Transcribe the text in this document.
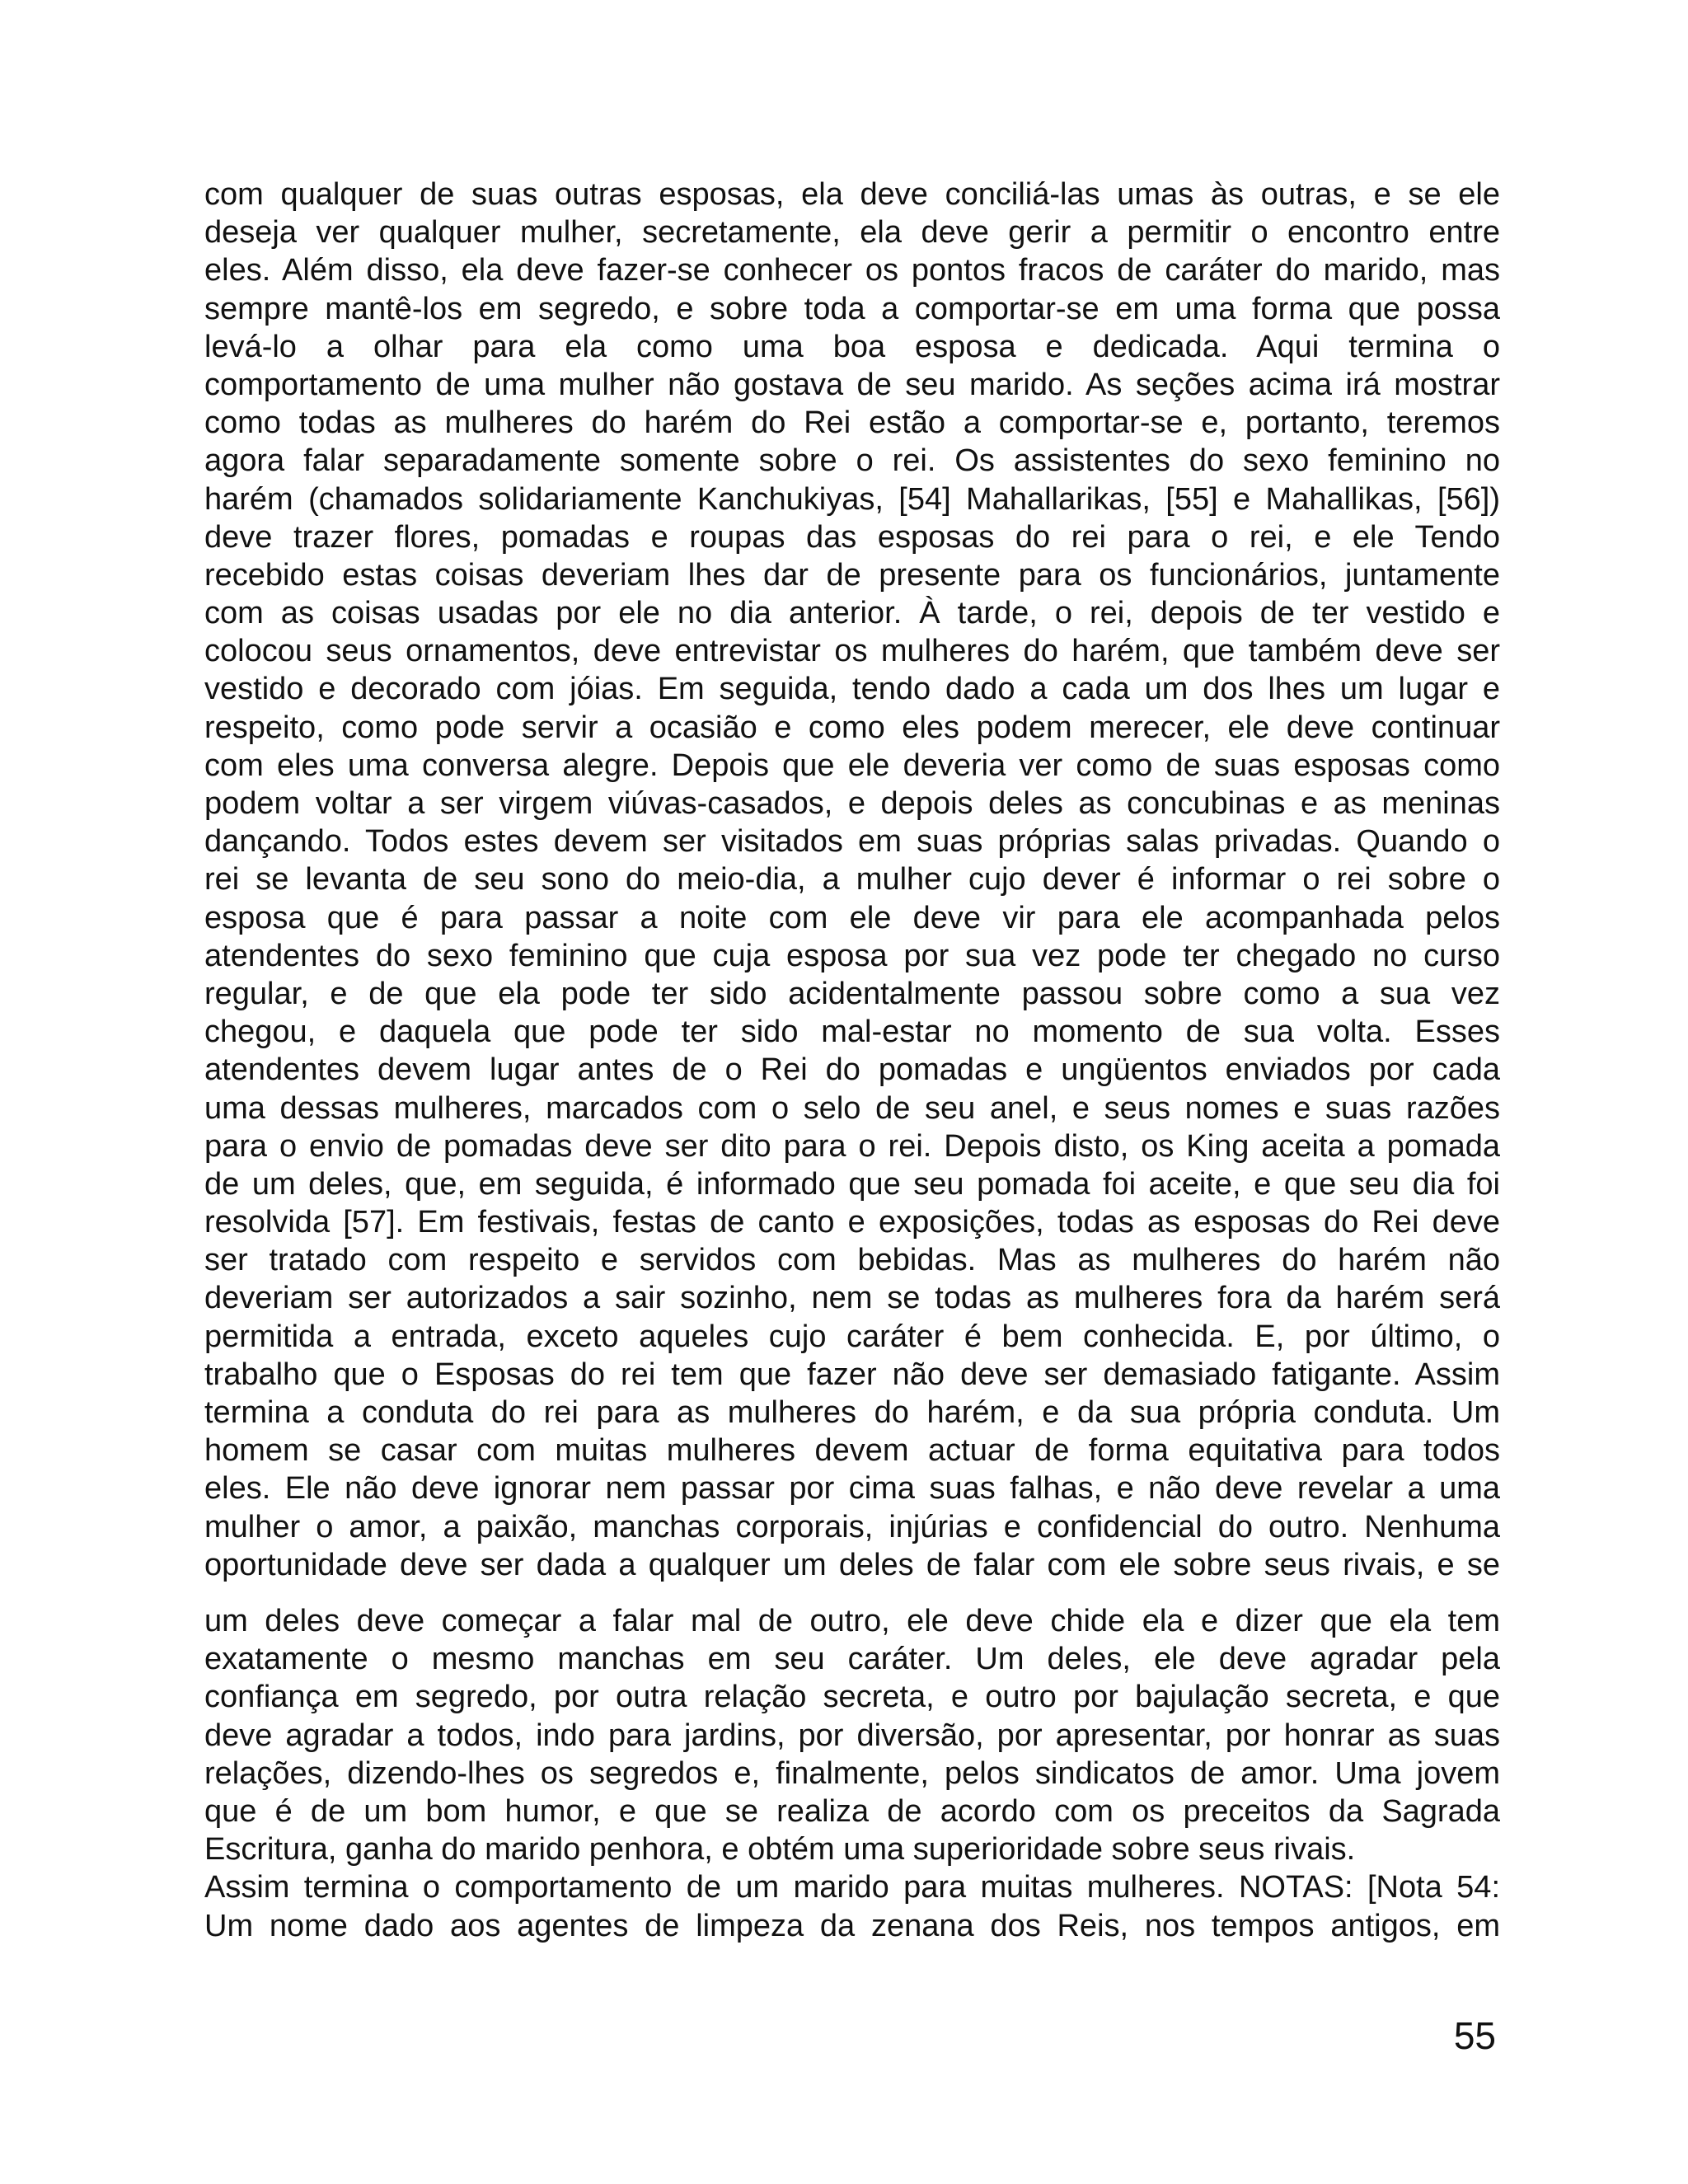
com qualquer de suas outras esposas, ela deve conciliá-las umas às outras, e se ele
deseja ver qualquer mulher, secretamente, ela deve gerir a permitir o encontro entre
eles. Além disso, ela deve fazer-se conhecer os pontos fracos de caráter do marido, mas
sempre mantê-los em segredo, e sobre toda a comportar-se em uma forma que possa
levá-lo a olhar para ela como uma boa esposa e dedicada. Aqui termina o
comportamento de uma mulher não gostava de seu marido. As seções acima irá mostrar
como todas as mulheres do harém do Rei estão a comportar-se e, portanto, teremos
agora falar separadamente somente sobre o rei. Os assistentes do sexo feminino no
harém (chamados solidariamente Kanchukiyas, [54] Mahallarikas, [55] e Mahallikas, [56])
deve trazer flores, pomadas e roupas das esposas do rei para o rei, e ele Tendo
recebido estas coisas deveriam lhes dar de presente para os funcionários, juntamente
com as coisas usadas por ele no dia anterior. À tarde, o rei, depois de ter vestido e
colocou seus ornamentos, deve entrevistar os mulheres do harém, que também deve ser
vestido e decorado com jóias. Em seguida, tendo dado a cada um dos lhes um lugar e
respeito, como pode servir a ocasião e como eles podem merecer, ele deve continuar
com eles uma conversa alegre. Depois que ele deveria ver como de suas esposas como
podem voltar a ser virgem viúvas-casados, e depois deles as concubinas e as meninas
dançando. Todos estes devem ser visitados em suas próprias salas privadas. Quando o
rei se levanta de seu sono do meio-dia, a mulher cujo dever é informar o rei sobre o
esposa que é para passar a noite com ele deve vir para ele acompanhada pelos
atendentes do sexo feminino que cuja esposa por sua vez pode ter chegado no curso
regular, e de que ela pode ter sido acidentalmente passou sobre como a sua vez
chegou, e daquela que pode ter sido mal-estar no momento de sua volta. Esses
atendentes devem lugar antes de o Rei do pomadas e ungüentos enviados por cada
uma dessas mulheres, marcados com o selo de seu anel, e seus nomes e suas razões
para o envio de pomadas deve ser dito para o rei. Depois disto, os King aceita a pomada
de um deles, que, em seguida, é informado que seu pomada foi aceite, e que seu dia foi
resolvida [57]. Em festivais, festas de canto e exposições, todas as esposas do Rei deve
ser tratado com respeito e servidos com bebidas. Mas as mulheres do harém não
deveriam ser autorizados a sair sozinho, nem se todas as mulheres fora da harém será
permitida a entrada, exceto aqueles cujo caráter é bem conhecida. E, por último, o
trabalho que o Esposas do rei tem que fazer não deve ser demasiado fatigante. Assim
termina a conduta do rei para as mulheres do harém, e da sua própria conduta. Um
homem se casar com muitas mulheres devem actuar de forma equitativa para todos
eles. Ele não deve ignorar nem passar por cima suas falhas, e não deve revelar a uma
mulher o amor, a paixão, manchas corporais, injúrias e confidencial do outro. Nenhuma
oportunidade deve ser dada a qualquer um deles de falar com ele sobre seus rivais, e se
um deles deve começar a falar mal de outro, ele deve chide ela e dizer que ela tem
exatamente o mesmo manchas em seu caráter. Um deles, ele deve agradar pela
confiança em segredo, por outra relação secreta, e outro por bajulação secreta, e que
deve agradar a todos, indo para jardins, por diversão, por apresentar, por honrar as suas
relações, dizendo-lhes os segredos e, finalmente, pelos sindicatos de amor. Uma jovem
que é de um bom humor, e que se realiza de acordo com os preceitos da Sagrada
Escritura, ganha do marido penhora, e obtém uma superioridade sobre seus rivais.
Assim termina o comportamento de um marido para muitas mulheres. NOTAS: [Nota 54:
Um nome dado aos agentes de limpeza da zenana dos Reis, nos tempos antigos, em
55
